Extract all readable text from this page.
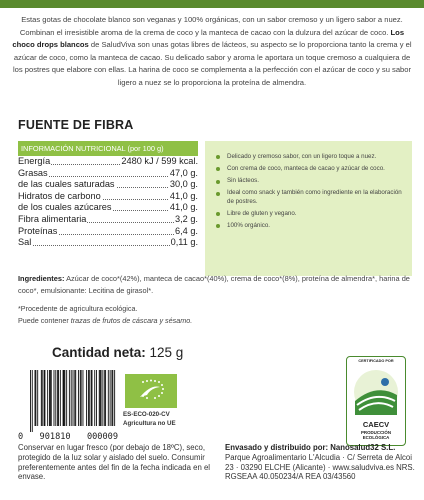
Estas gotas de chocolate blanco son veganas y 100% orgánicas, con un sabor cremoso y un ligero sabor a nuez. Combinan el irresistible aroma de la crema de coco y la manteca de cacao con la dulzura del azúcar de coco. Los choco drops blancos de SaludViva son unas gotas libres de lácteos, su aspecto se lo proporciona tanto la crema y el azúcar de coco, como la manteca de cacao. Su delicado sabor y aroma le aportara un toque cremoso a cualquiera de los postres que elabore con ellas. La harina de coco se complementa a la perfección con el azúcar de coco y su sabor ligero a nuez se lo proporciona la proteína de almendra.
FUENTE DE FIBRA
INFORMACIÓN NUTRICIONAL (por 100 g)
Energía	2480 kJ / 599 kcal.
Grasas	47,0 g.
de las cuales saturadas	30,0 g.
Hidratos de carbono	41,0 g.
de los cuales azúcares	41,0 g.
Fibra alimentaria	3,2 g.
Proteínas	6,4 g.
Sal	0,11 g.
Delicado y cremoso sabor, con un ligero toque a nuez.
Con crema de coco, manteca de cacao y azúcar de coco.
Sin lácteos.
Ideal como snack y también como ingrediente en la elaboración de postres.
Libre de gluten y vegano.
100% orgánico.
Ingredientes: Azúcar de coco*(42%), manteca de cacao*(40%), crema de coco*(8%), proteína de almendra*, harina de coco*, emulsionante: Lecitina de girasol*.
*Procedente de agricultura ecológica.
Puede contener trazas de frutos de cáscara y sésamo.
Cantidad neta: 125 g
0 901810 000009
ES-ECO-020-CV
Agricultura no UE
CERTIFICADO POR
CAECV
PRODUCCIÓN
ECOLÓGICA
Conservar en lugar fresco (por debajo de 18ºC), seco, protegido de la luz solar y aislado del suelo. Consumir preferentemente antes del fin de la fecha indicada en el envase.
Envasado y distribuido por: Nanosalud32 S.L. Parque Agroalimentario L'Alcudia · C/ Serreta de Alcoi 23 · 03290 ELCHE (Alicante) · www.saludviva.es NRS. RGSEAA 40.050234/A REA 03/43560
